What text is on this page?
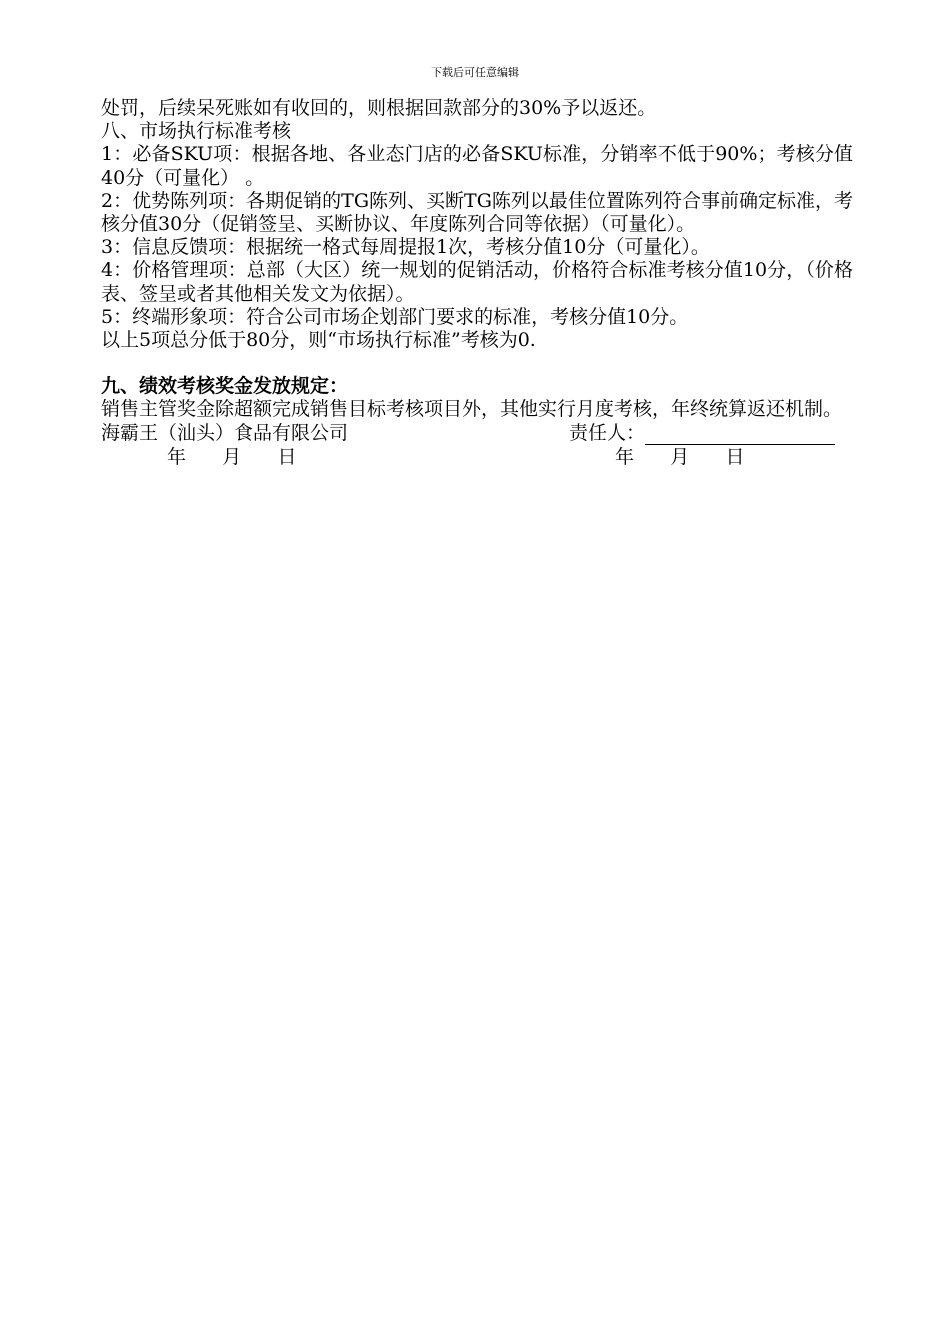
下载后可任意编辑

处罚，后续呆死账如有收回的，则根据回款部分的30%予以返还。

八、市场执行标准考核

1：必备SKU项：根据各地、各业态门店的必备SKU标准，分销率不低于90%；考核分值40分（可量化） 。

2：优势陈列项：各期促销的TG陈列、买断TG陈列以最佳位置陈列符合事前确定标准，考核分值30分（促销签呈、买断协议、年度陈列合同等依据）（可量化）。

3：信息反馈项：根据统一格式每周提报1次，考核分值10分（可量化）。

4：价格管理项：总部（大区）统一规划的促销活动，价格符合标准考核分值10分，（价格表、签呈或者其他相关发文为依据）。

5：终端形象项：符合公司市场企划部门要求的标准，考核分值10分。

以上5项总分低于80分，则“市场执行标准”考核为0.

九、绩效考核奖金发放规定：

销售主管奖金除超额完成销售目标考核项目外，其他实行月度考核，年终统算返还机制。

海霸王（汕头）食品有限公司	责任人：
年      月      日	年      月      日
